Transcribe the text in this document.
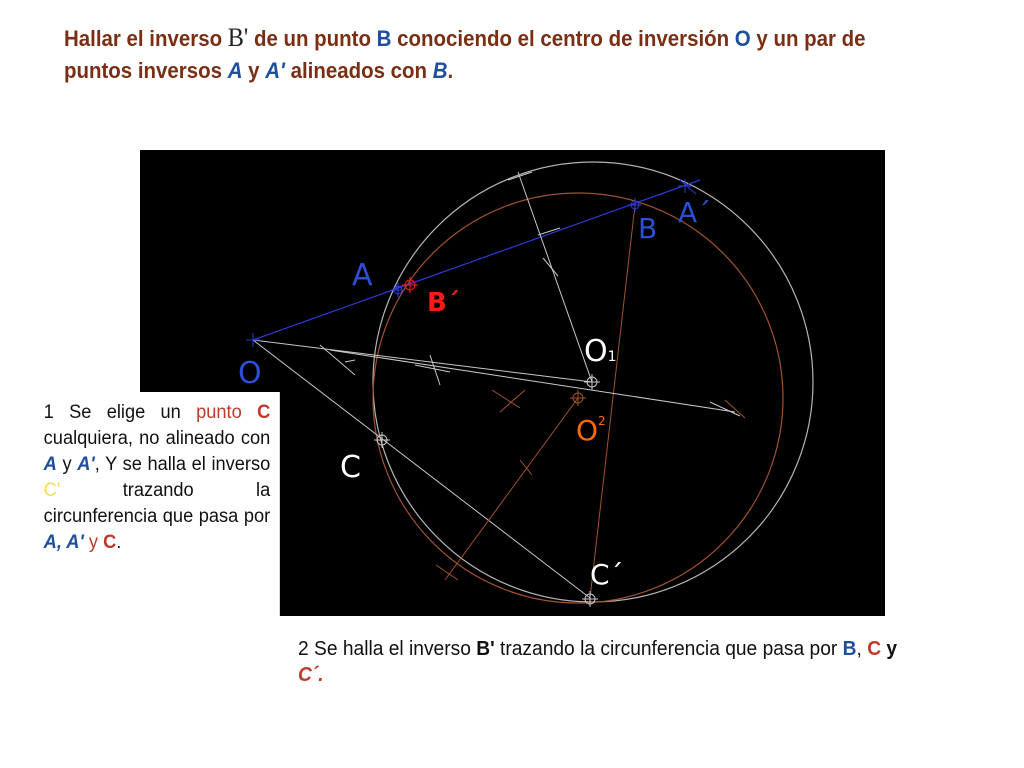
Hallar el inverso B' de un punto B conociendo el centro de inversión O y un par de puntos inversos A y A' alineados con B.
A´
B
A
B´
O1
O
$O^2$
C
C´
1 Se elige un punto C cualquiera, no alineado con A y A', Y se halla el inverso C' trazando la circunferencia que pasa por A, A' y C.
2 Se halla el inverso B' trazando la circunferencia que pasa por B, C y C´.
